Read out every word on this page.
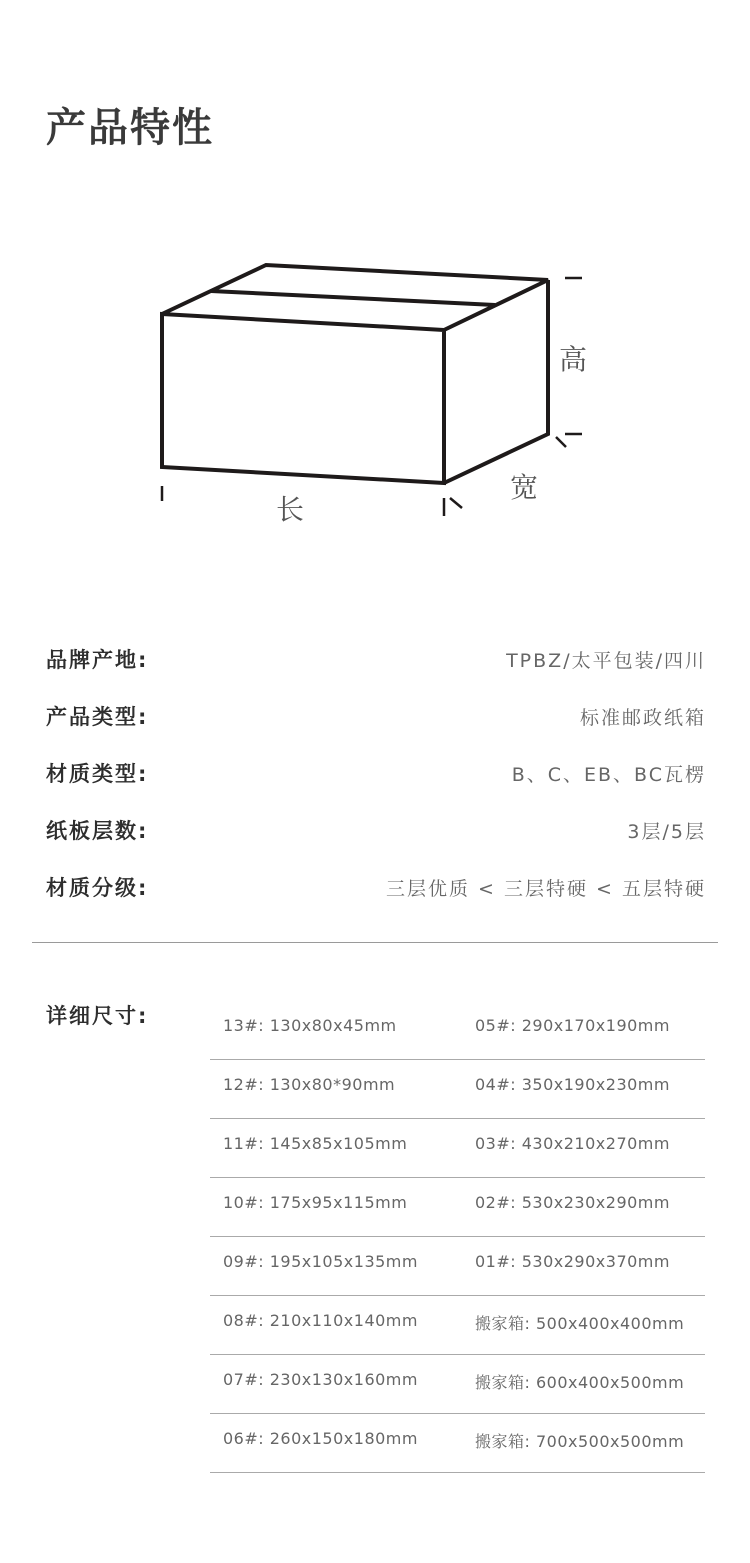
产品特性
高
宽
长
品牌产地:	TPBZ/太平包装/四川
产品类型:	标准邮政纸箱
材质类型:	B、C、EB、BC瓦楞
纸板层数:	3层/5层
材质分级:	三层优质 < 三层特硬 < 五层特硬
详细尺寸:	13#: 130x80x45mm	05#: 290x170x190mm
12#: 130x80*90mm	04#: 350x190x230mm
11#: 145x85x105mm	03#: 430x210x270mm
10#: 175x95x115mm	02#: 530x230x290mm
09#: 195x105x135mm	01#: 530x290x370mm
08#: 210x110x140mm	搬家箱: 500x400x400mm
07#: 230x130x160mm	搬家箱: 600x400x500mm
06#: 260x150x180mm	搬家箱: 700x500x500mm
